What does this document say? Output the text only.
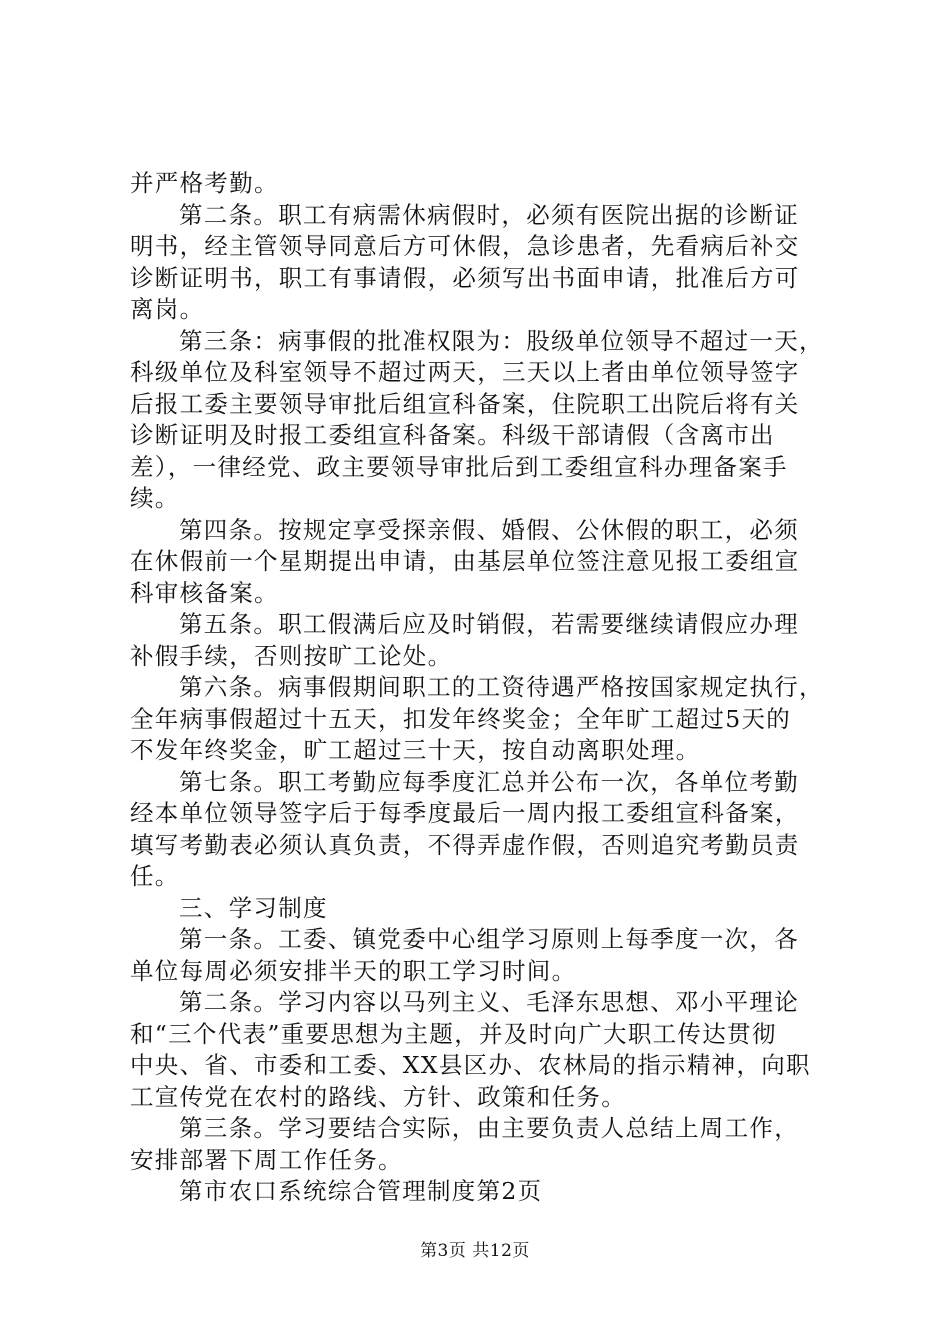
并严格考勤。
第二条。职工有病需休病假时，必须有医院出据的诊断证
明书，经主管领导同意后方可休假，急诊患者，先看病后补交
诊断证明书，职工有事请假，必须写出书面申请，批准后方可
离岗。
第三条：病事假的批准权限为：股级单位领导不超过一天，
科级单位及科室领导不超过两天，三天以上者由单位领导签字
后报工委主要领导审批后组宣科备案，住院职工出院后将有关
诊断证明及时报工委组宣科备案。科级干部请假（含离市出
差），一律经党、政主要领导审批后到工委组宣科办理备案手
续。
第四条。按规定享受探亲假、婚假、公休假的职工，必须
在休假前一个星期提出申请，由基层单位签注意见报工委组宣
科审核备案。
第五条。职工假满后应及时销假，若需要继续请假应办理
补假手续，否则按旷工论处。
第六条。病事假期间职工的工资待遇严格按国家规定执行，
全年病事假超过十五天，扣发年终奖金；全年旷工超过5天的
不发年终奖金，旷工超过三十天，按自动离职处理。
第七条。职工考勤应每季度汇总并公布一次，各单位考勤
经本单位领导签字后于每季度最后一周内报工委组宣科备案，
填写考勤表必须认真负责，不得弄虚作假，否则追究考勤员责
任。
三、学习制度
第一条。工委、镇党委中心组学习原则上每季度一次，各
单位每周必须安排半天的职工学习时间。
第二条。学习内容以马列主义、毛泽东思想、邓小平理论
和“三个代表”重要思想为主题，并及时向广大职工传达贯彻
中央、省、市委和工委、XX县区办、农林局的指示精神，向职
工宣传党在农村的路线、方针、政策和任务。
第三条。学习要结合实际，由主要负责人总结上周工作，
安排部署下周工作任务。
第市农口系统综合管理制度第2页
第3页 共12页
